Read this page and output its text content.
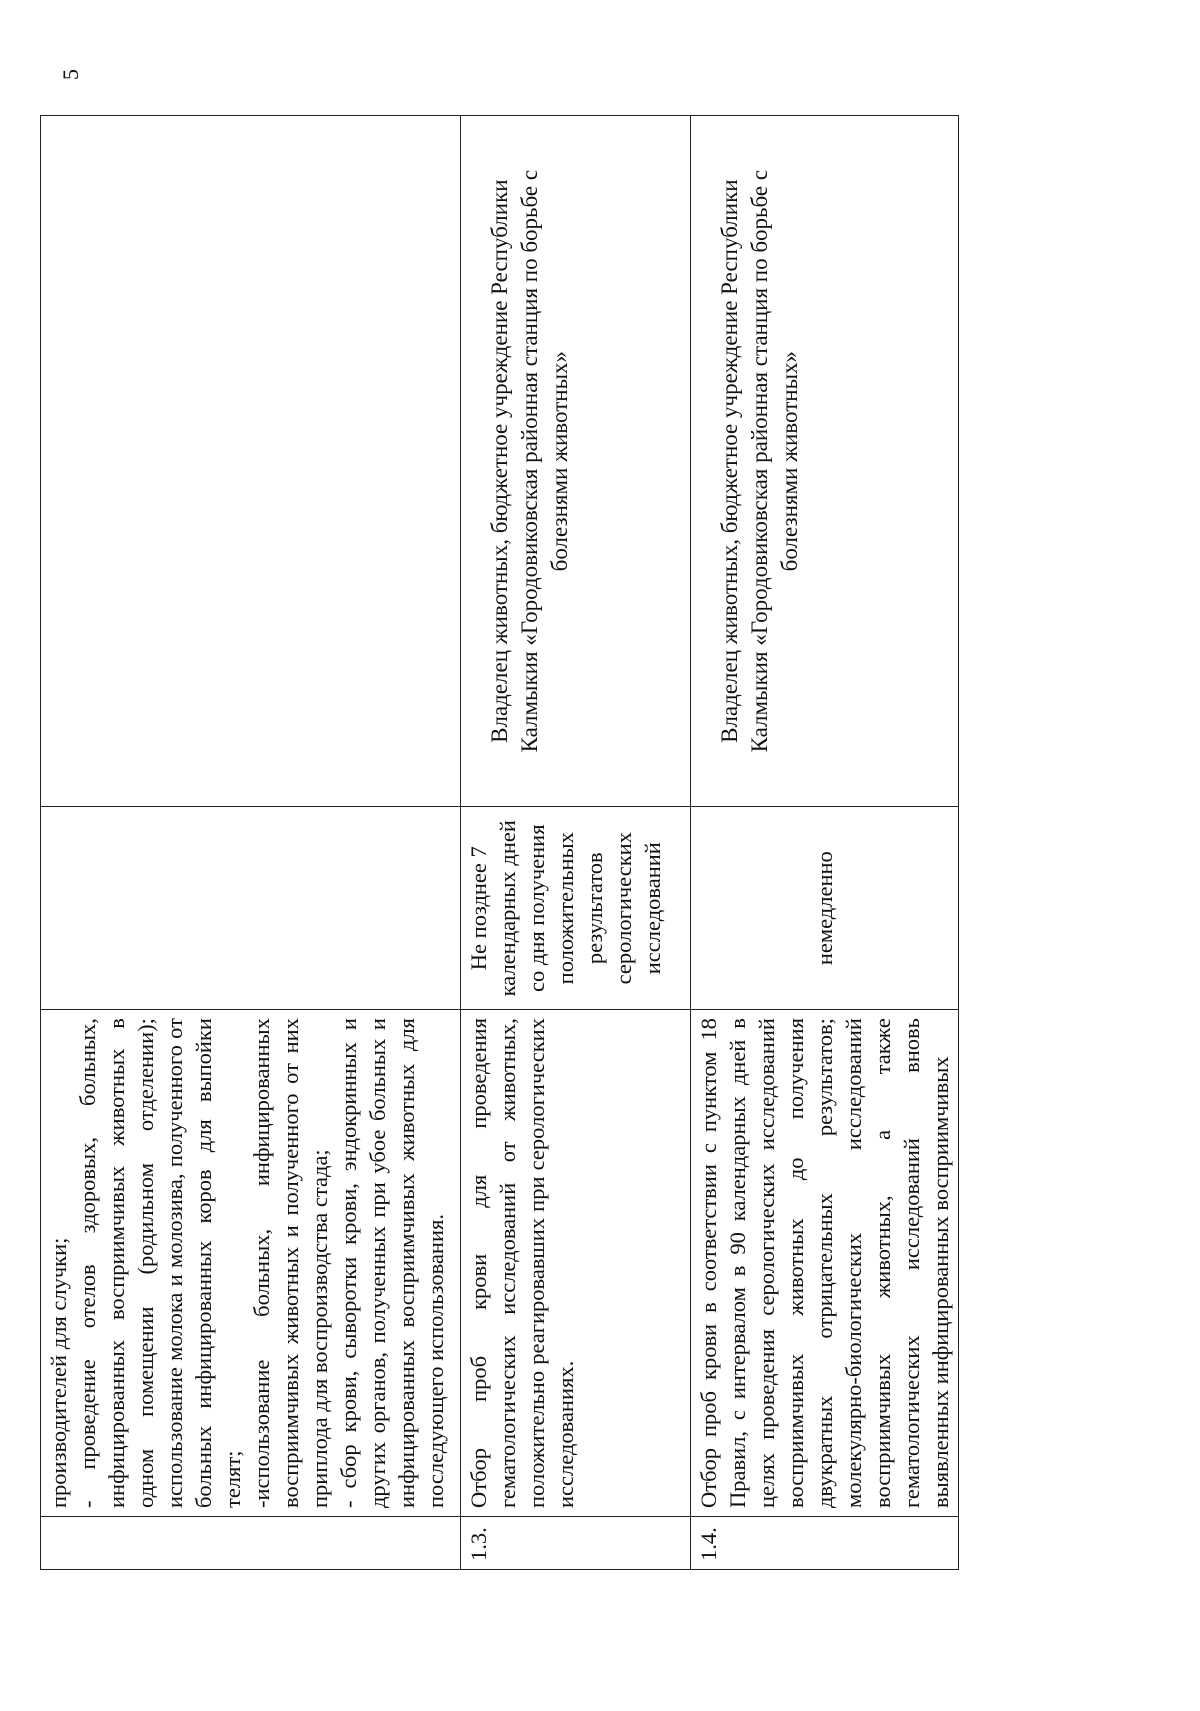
5

	производителей для случки;
- проведение отелов здоровых, больных, инфицированных восприимчивых животных в одном помещении (родильном отделении); использование молока и молозива, полученного от больных инфицированных коров для выпойки телят;
-использование больных, инфицированных восприимчивых животных и полученного от них приплода для воспроизводства стада;
- сбор крови, сыворотки крови, эндокринных и других органов, полученных при убое больных и инфицированных восприимчивых животных для последующего использования.		

1.3.	Отбор проб крови для проведения гематологических исследований от животных, положительно реагировавших при серологических исследованиях.	Не позднее 7 календарных дней со дня получения положительных результатов серологических исследований	Владелец животных, бюджетное учреждение Республики Калмыкия «Городовиковская районная станция по борьбе с болезнями животных»

1.4.	Отбор проб крови в соответствии с пунктом 18 Правил, с интервалом в 90 календарных дней в целях проведения серологических исследований восприимчивых животных до получения двукратных отрицательных результатов; молекулярно-биологических исследований восприимчивых животных, а также гематологических исследований вновь выявленных инфицированных восприимчивых	немедленно	Владелец животных, бюджетное учреждение Республики Калмыкия «Городовиковская районная станция по борьбе с болезнями животных»
